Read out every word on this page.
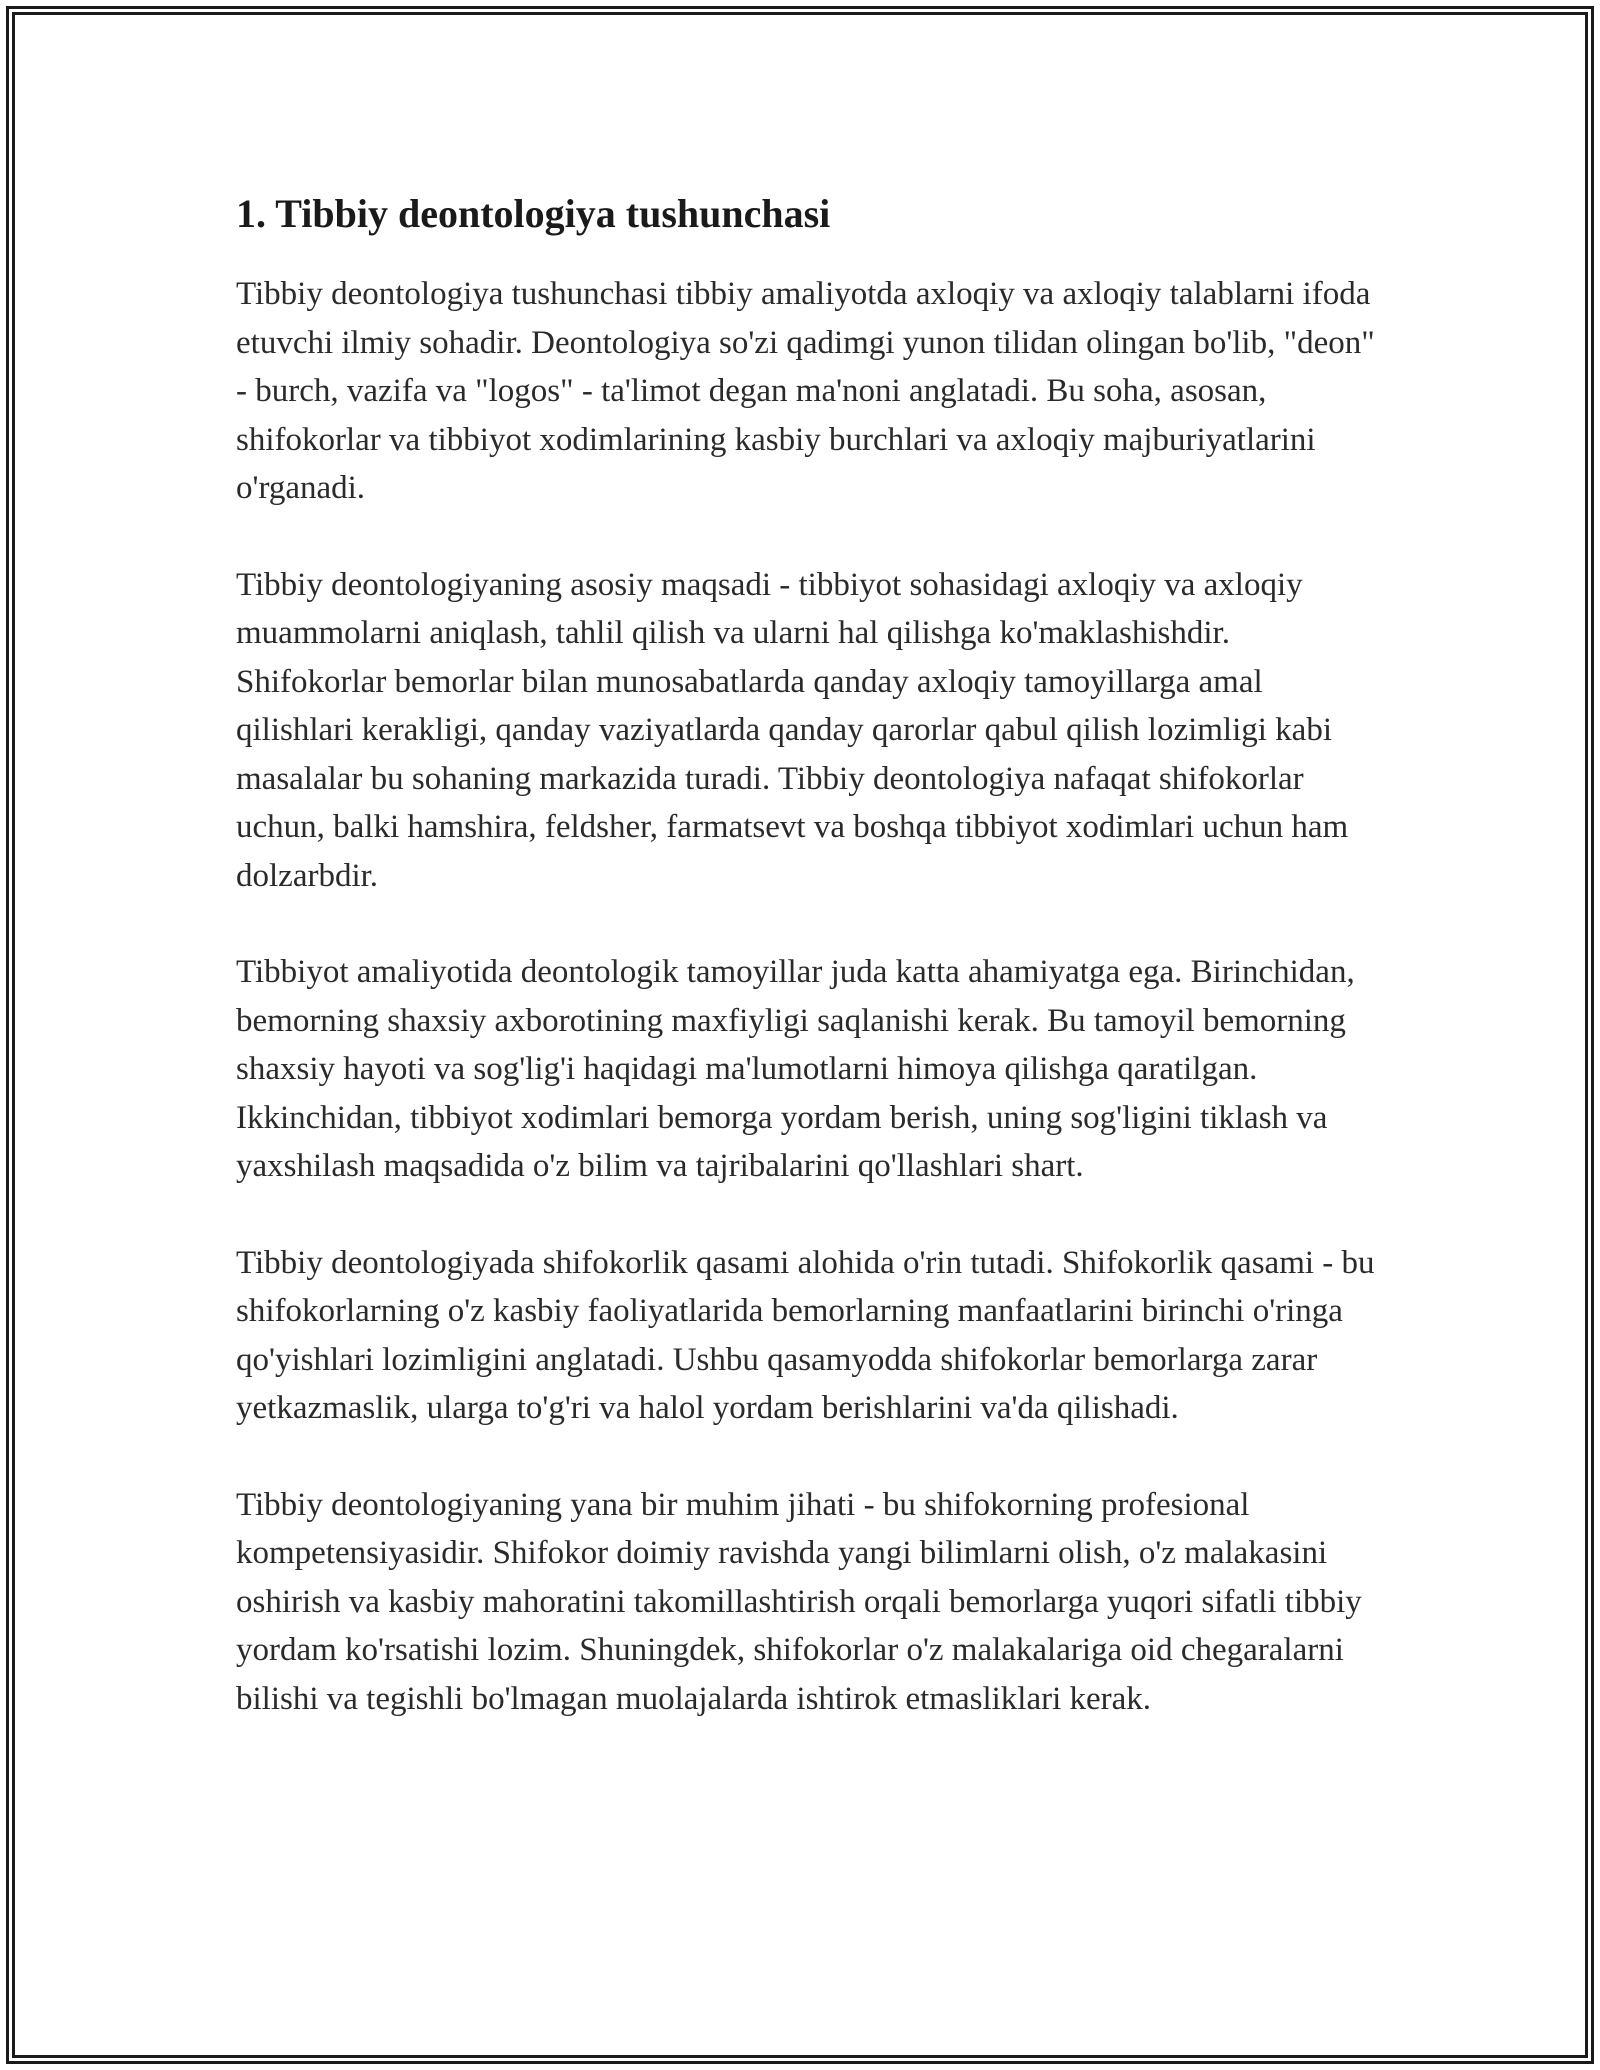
1. Tibbiy deontologiya tushunchasi

Tibbiy deontologiya tushunchasi tibbiy amaliyotda axloqiy va axloqiy talablarni ifoda etuvchi ilmiy sohadir. Deontologiya so'zi qadimgi yunon tilidan olingan bo'lib, "deon" - burch, vazifa va "logos" - ta'limot degan ma'noni anglatadi. Bu soha, asosan, shifokorlar va tibbiyot xodimlarining kasbiy burchlari va axloqiy majburiyatlarini o'rganadi.

Tibbiy deontologiyaning asosiy maqsadi - tibbiyot sohasidagi axloqiy va axloqiy muammolarni aniqlash, tahlil qilish va ularni hal qilishga ko'maklashishdir. Shifokorlar bemorlar bilan munosabatlarda qanday axloqiy tamoyillarga amal qilishlari kerakligi, qanday vaziyatlarda qanday qarorlar qabul qilish lozimligi kabi masalalar bu sohaning markazida turadi. Tibbiy deontologiya nafaqat shifokorlar uchun, balki hamshira, feldsher, farmatsevt va boshqa tibbiyot xodimlari uchun ham dolzarbdir.

Tibbiyot amaliyotida deontologik tamoyillar juda katta ahamiyatga ega. Birinchidan, bemorning shaxsiy axborotining maxfiyligi saqlanishi kerak. Bu tamoyil bemorning shaxsiy hayoti va sog'lig'i haqidagi ma'lumotlarni himoya qilishga qaratilgan. Ikkinchidan, tibbiyot xodimlari bemorga yordam berish, uning sog'ligini tiklash va yaxshilash maqsadida o'z bilim va tajribalarini qo'llashlari shart.

Tibbiy deontologiyada shifokorlik qasami alohida o'rin tutadi. Shifokorlik qasami - bu shifokorlarning o'z kasbiy faoliyatlarida bemorlarning manfaatlarini birinchi o'ringa qo'yishlari lozimligini anglatadi. Ushbu qasamyodda shifokorlar bemorlarga zarar yetkazmaslik, ularga to'g'ri va halol yordam berishlarini va'da qilishadi.

Tibbiy deontologiyaning yana bir muhim jihati - bu shifokorning profesional kompetensiyasidir. Shifokor doimiy ravishda yangi bilimlarni olish, o'z malakasini oshirish va kasbiy mahoratini takomillashtirish orqali bemorlarga yuqori sifatli tibbiy yordam ko'rsatishi lozim. Shuningdek, shifokorlar o'z malakalariga oid chegaralarni bilishi va tegishli bo'lmagan muolajalarda ishtirok etmasliklari kerak.
